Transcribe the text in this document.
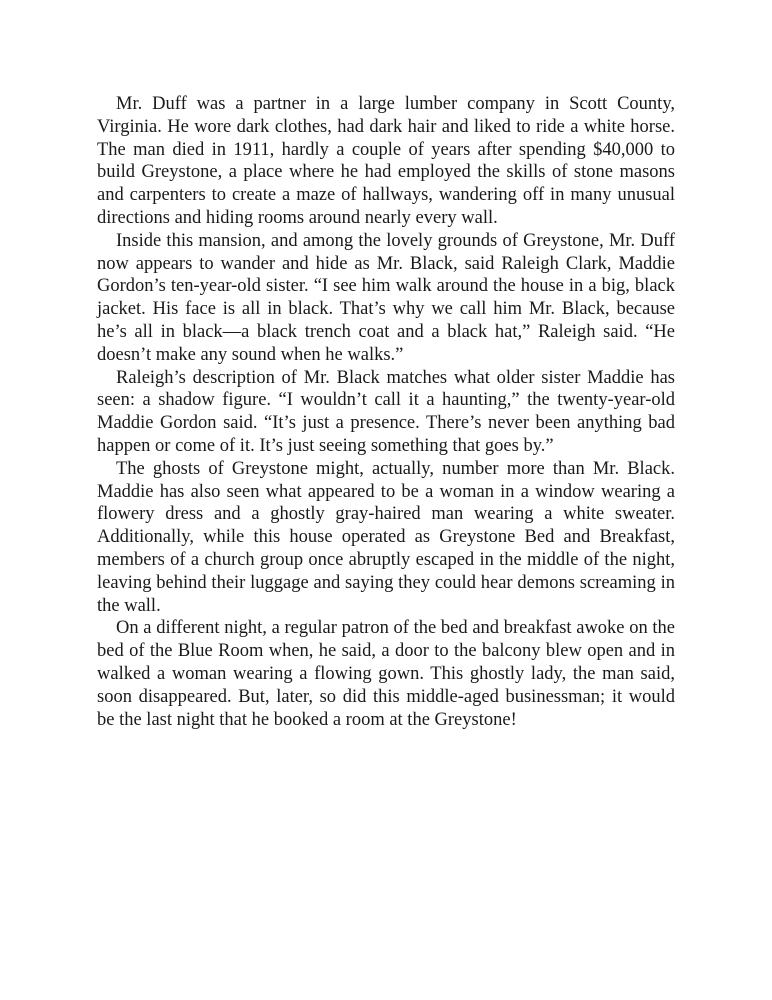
Mr. Duff was a partner in a large lumber company in Scott County, Virginia. He wore dark clothes, had dark hair and liked to ride a white horse. The man died in 1911, hardly a couple of years after spending $40,000 to build Greystone, a place where he had employed the skills of stone masons and carpenters to create a maze of hallways, wandering off in many unusual directions and hiding rooms around nearly every wall.

Inside this mansion, and among the lovely grounds of Greystone, Mr. Duff now appears to wander and hide as Mr. Black, said Raleigh Clark, Maddie Gordon’s ten-year-old sister. “I see him walk around the house in a big, black jacket. His face is all in black. That’s why we call him Mr. Black, because he’s all in black—a black trench coat and a black hat,” Raleigh said. “He doesn’t make any sound when he walks.”

Raleigh’s description of Mr. Black matches what older sister Maddie has seen: a shadow figure. “I wouldn’t call it a haunting,” the twenty-year-old Maddie Gordon said. “It’s just a presence. There’s never been anything bad happen or come of it. It’s just seeing something that goes by.”

The ghosts of Greystone might, actually, number more than Mr. Black. Maddie has also seen what appeared to be a woman in a window wearing a flowery dress and a ghostly gray-haired man wearing a white sweater. Additionally, while this house operated as Greystone Bed and Breakfast, members of a church group once abruptly escaped in the middle of the night, leaving behind their luggage and saying they could hear demons screaming in the wall.

On a different night, a regular patron of the bed and breakfast awoke on the bed of the Blue Room when, he said, a door to the balcony blew open and in walked a woman wearing a flowing gown. This ghostly lady, the man said, soon disappeared. But, later, so did this middle-aged businessman; it would be the last night that he booked a room at the Greystone!
